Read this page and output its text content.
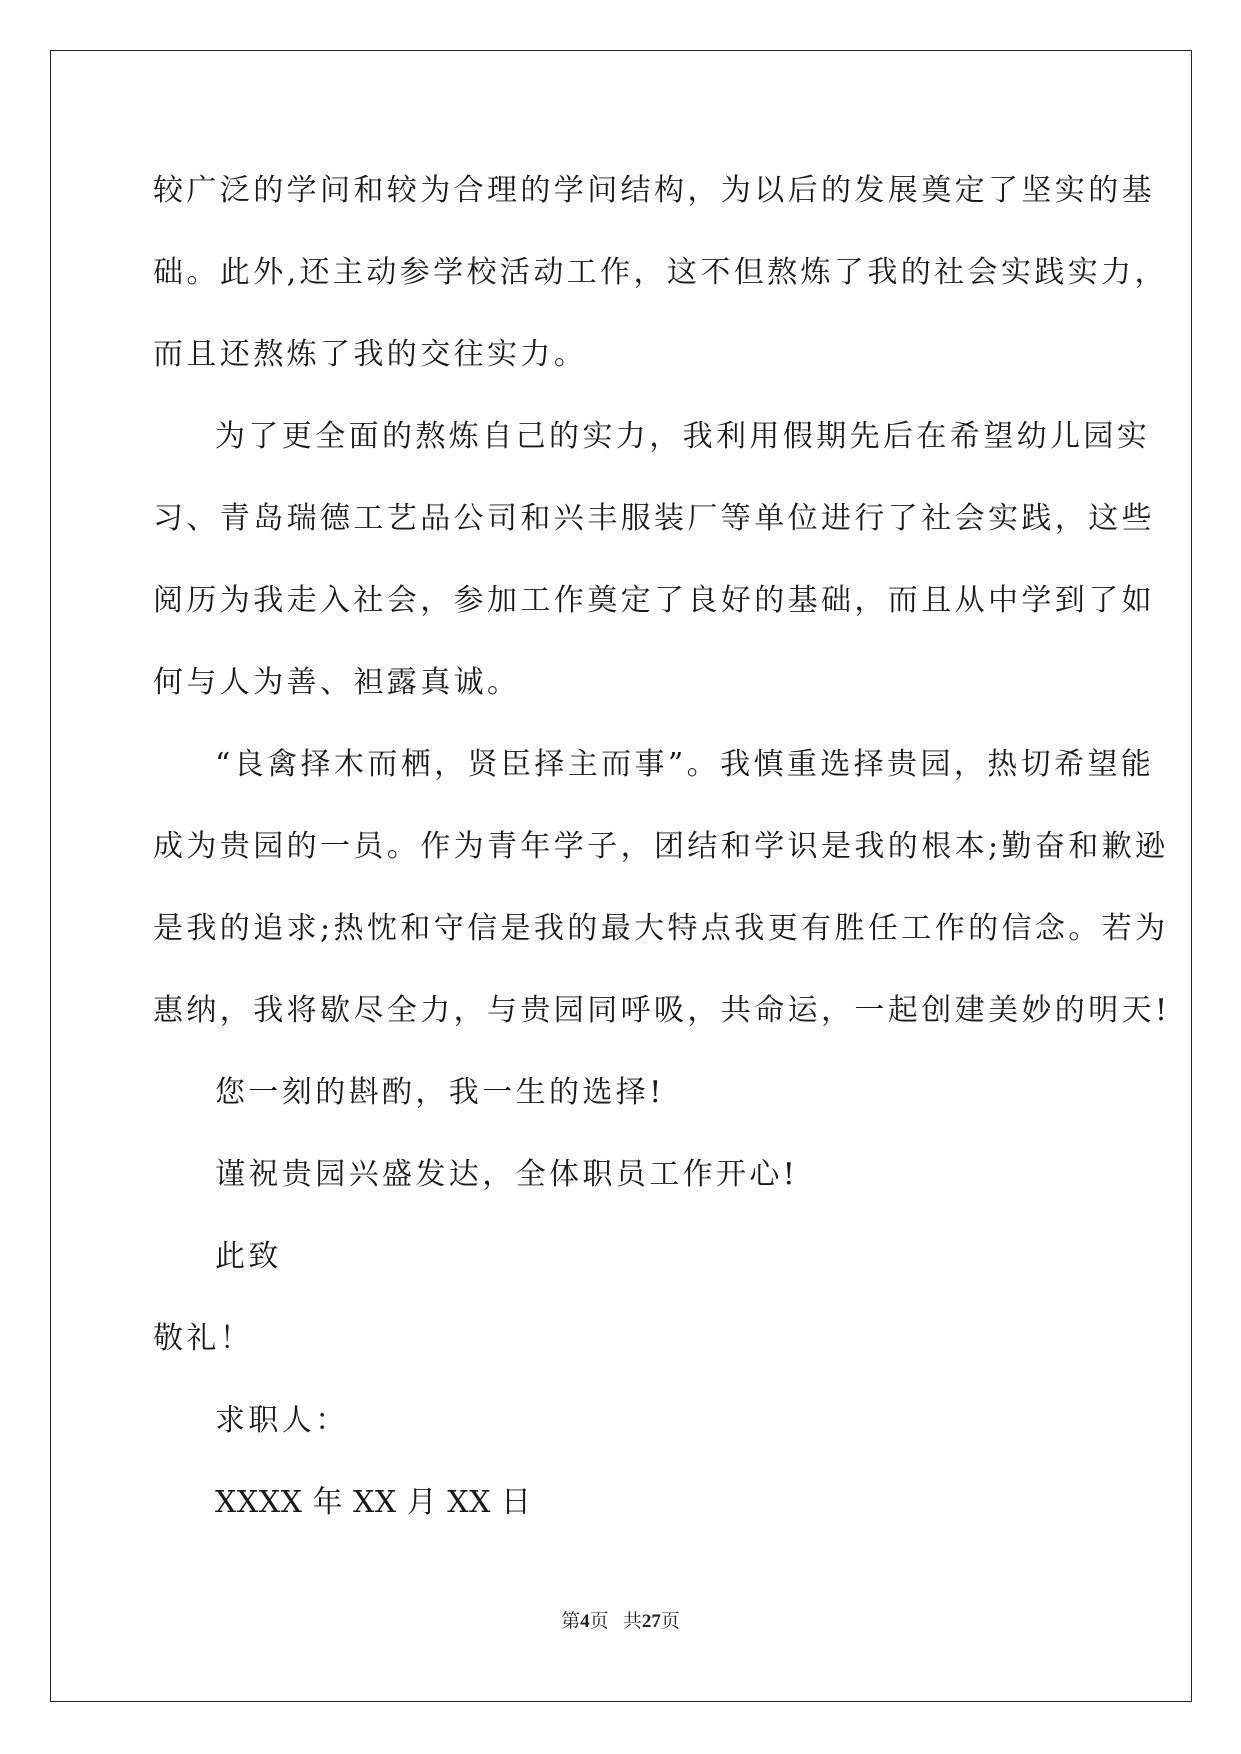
较广泛的学问和较为合理的学问结构，为以后的发展奠定了坚实的基
础。此外,还主动参学校活动工作，这不但熬炼了我的社会实践实力，
而且还熬炼了我的交往实力。
为了更全面的熬炼自己的实力，我利用假期先后在希望幼儿园实
习、青岛瑞德工艺品公司和兴丰服装厂等单位进行了社会实践，这些
阅历为我走入社会，参加工作奠定了良好的基础，而且从中学到了如
何与人为善、袒露真诚。
“良禽择木而栖，贤臣择主而事”。我慎重选择贵园，热切希望能
成为贵园的一员。作为青年学子，团结和学识是我的根本;勤奋和歉逊
是我的追求;热忱和守信是我的最大特点我更有胜任工作的信念。若为
惠纳，我将歇尽全力，与贵园同呼吸，共命运，一起创建美妙的明天!
您一刻的斟酌，我一生的选择!
谨祝贵园兴盛发达，全体职员工作开心!
此致
敬礼！
求职人：
XXXX 年 XX 月 XX 日
第4页 共27页
